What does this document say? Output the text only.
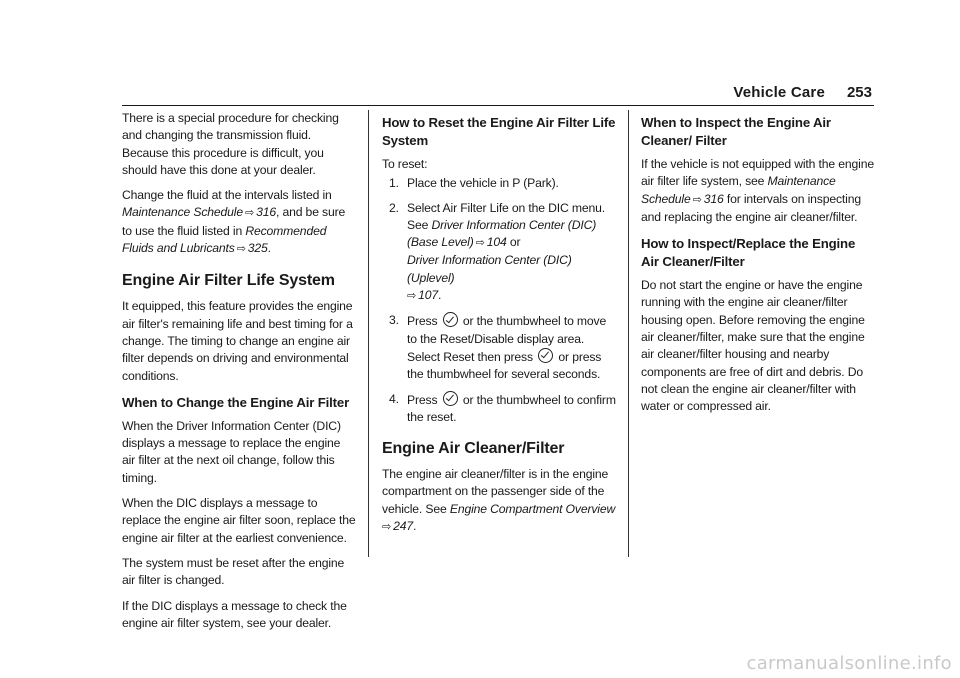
Vehicle Care 253

There is a special procedure for checking and changing the transmission fluid. Because this procedure is difficult, you should have this done at your dealer.

Change the fluid at the intervals listed in Maintenance Schedule ⇨ 316, and be sure to use the fluid listed in Recommended Fluids and Lubricants ⇨ 325.

Engine Air Filter Life System

It equipped, this feature provides the engine air filter's remaining life and best timing for a change. The timing to change an engine air filter depends on driving and environmental conditions.

When to Change the Engine Air Filter

When the Driver Information Center (DIC) displays a message to replace the engine air filter at the next oil change, follow this timing.

When the DIC displays a message to replace the engine air filter soon, replace the engine air filter at the earliest convenience.

The system must be reset after the engine air filter is changed.

If the DIC displays a message to check the engine air filter system, see your dealer.

How to Reset the Engine Air Filter Life System

To reset:

1. Place the vehicle in P (Park).
2. Select Air Filter Life on the DIC menu. See Driver Information Center (DIC) (Base Level) ⇨ 104 or
Driver Information Center (DIC) (Uplevel)
⇨ 107.
3. Press  or the thumbwheel to move to the Reset/Disable display area. Select Reset then press  or press the thumbwheel for several seconds.
4. Press  or the thumbwheel to confirm the reset.
Engine Air Cleaner/Filter

The engine air cleaner/filter is in the engine compartment on the passenger side of the vehicle. See Engine Compartment Overview
⇨ 247.

When to Inspect the Engine Air Cleaner/ Filter

If the vehicle is not equipped with the engine air filter life system, see Maintenance Schedule ⇨ 316 for intervals on inspecting and replacing the engine air cleaner/filter.

How to Inspect/Replace the Engine Air Cleaner/Filter

Do not start the engine or have the engine running with the engine air cleaner/filter housing open. Before removing the engine air cleaner/filter, make sure that the engine air cleaner/filter housing and nearby components are free of dirt and debris. Do not clean the engine air cleaner/filter with water or compressed air.

carmanualsonline.info
